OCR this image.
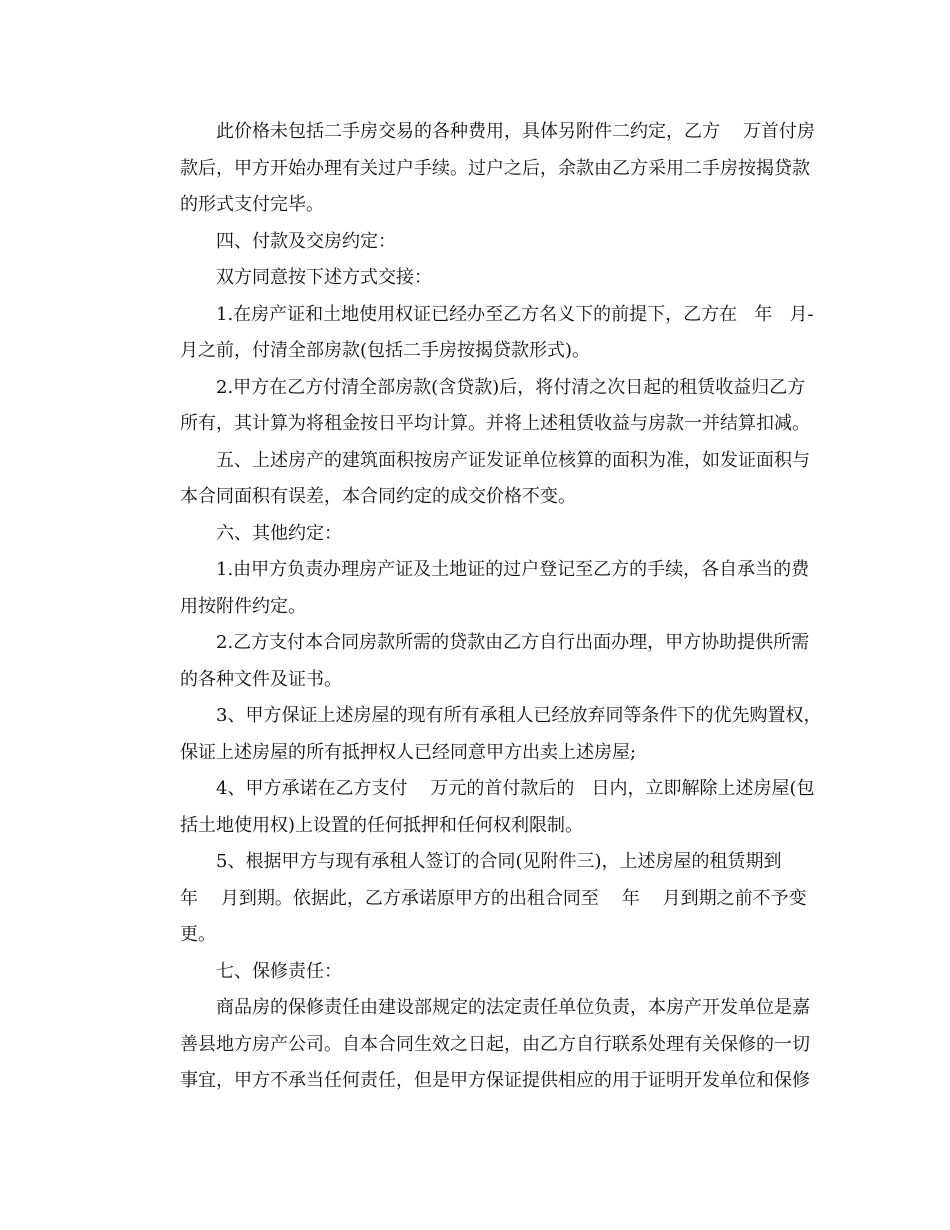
此价格未包括二手房交易的各种费用，具体另附件二约定，乙方    万首付房
款后，甲方开始办理有关过户手续。过户之后，余款由乙方采用二手房按揭贷款
的形式支付完毕。

四、付款及交房约定：

双方同意按下述方式交接：

1.在房产证和土地使用权证已经办至乙方名义下的前提下，乙方在   年   月-
月之前，付清全部房款(包括二手房按揭贷款形式)。

2.甲方在乙方付清全部房款(含贷款)后，将付清之次日起的租赁收益归乙方
所有，其计算为将租金按日平均计算。并将上述租赁收益与房款一并结算扣减。

五、上述房产的建筑面积按房产证发证单位核算的面积为准，如发证面积与
本合同面积有误差，本合同约定的成交价格不变。

六、其他约定：

1.由甲方负责办理房产证及土地证的过户登记至乙方的手续，各自承当的费
用按附件约定。

2.乙方支付本合同房款所需的贷款由乙方自行出面办理，甲方协助提供所需
的各种文件及证书。

3、甲方保证上述房屋的现有所有承租人已经放弃同等条件下的优先购置权，
保证上述房屋的所有抵押权人已经同意甲方出卖上述房屋;

4、甲方承诺在乙方支付    万元的首付款后的   日内，立即解除上述房屋(包
括土地使用权)上设置的任何抵押和任何权利限制。

5、根据甲方与现有承租人签订的合同(见附件三)，上述房屋的租赁期到
年    月到期。依据此，乙方承诺原甲方的出租合同至    年    月到期之前不予变
更。

七、保修责任：

商品房的保修责任由建设部规定的法定责任单位负责，本房产开发单位是嘉
善县地方房产公司。自本合同生效之日起，由乙方自行联系处理有关保修的一切
事宜，甲方不承当任何责任，但是甲方保证提供相应的用于证明开发单位和保修
